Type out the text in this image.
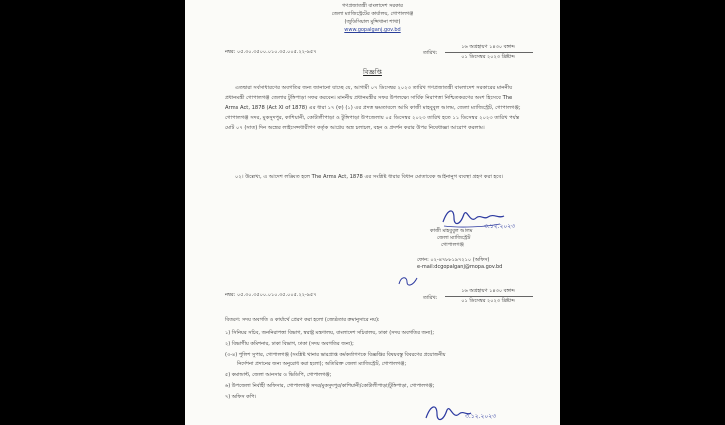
গণপ্রজাতন্ত্রী বাংলাদেশ সরকার
জেলা ম্যাজিস্ট্রেটের কার্যালয়, গোপালগঞ্জ
(জুডিসিয়াল মুন্সিখানা শাখা)
www.gopalganj.gov.bd
নম্বর: ০৫.৩০.৩৫০০.০১০.৩৫.০০৫.২২-৯৫৭	তারিখ:
১৬ অগ্রহায়ণ ১৪৩০ বঙ্গাব্দ
০১ ডিসেম্বর ২০২৩ খ্রিষ্টাব্দ
বিজ্ঞপ্তি
এতদ্বারা সর্বসাধারণের অবগতির জন্য জানানো যাচ্ছে যে, আগামী ০৭ ডিসেম্বর ২০২৩ তারিখ গণপ্রজাতন্ত্রী বাংলাদেশ সরকারের মাননীয় প্রধানমন্ত্রী গোপালগঞ্জ জেলার টুঙ্গিপাড়া সফর করবেন। মাননীয় প্রধানমন্ত্রীর সফর উপলক্ষ্যে সার্বিক নিরাপত্তা নিশ্চিতকরণের অংশ হিসেবে The Arms Act, 1878 (Act XI of 1878) এর ধারা ১৭ (ক) (১) এর প্রদত্ত ক্ষমতাবলে আমি কাজী মাহবুবুল আলম, জেলা ম্যাজিস্ট্রেট, গোপালগঞ্জ; গোপালগঞ্জ সদর, মুকসুদপুর, কাশিয়ানী, কোটালীপাড়া ও টুঙ্গিপাড়া উপজেলায় ০৫ ডিসেম্বর ২০২৩ তারিখ হতে ১১ ডিসেম্বর ২০২৩ তারিখ পর্যন্ত মোট ০৭ (সাত) দিন অস্ত্রের লাইসেন্সধারীগণ কর্তৃক আগ্নেয় অস্ত্র চলাচল, বহন ও প্রদর্শন করার উপর নিষেধাজ্ঞা আরোপ করলাম।
০২। উল্লেখ্য, এ আদেশ লঙ্ঘিত হলে The Arms Act, 1878 এর সংশ্লিষ্ট ধারার বিধান মোতাবেক আইনানুগ ব্যবস্থা গ্রহণ করা হবে।
৩.১২.২০২৩
কাজী মাহবুবুল আলম
জেলা ম্যাজিস্ট্রেট
গোপালগঞ্জ
ফোন: ০২-৪৭৮৮১৯৭২১০ (অফিস)
e-mail:dcgopalganj@mopa.gov.bd
নম্বর: ০৫.৩০.৩৫০০.০১০.৩৫.০০৫.২২-৯৫৭	তারিখ:
১৬ অগ্রহায়ণ ১৪৩০ বঙ্গাব্দ
০১ ডিসেম্বর ২০২৩ খ্রিষ্টাব্দ
বিতরণ: সদয় অবগতি ও কার্যার্থে প্রেরণ করা হলো (জ্যেষ্ঠতার ক্রমানুসারে নয়):
১) সিনিয়র সচিব, জননিরাপত্তা বিভাগ, স্বরাষ্ট্র মন্ত্রণালয়, বাংলাদেশ সচিবালয়, ঢাকা (সদয় অবগতির জন্য);
২) বিভাগীয় কমিশনার, ঢাকা বিভাগ, ঢাকা (সদয় অবগতির জন্য);
(৩-৪) পুলিশ সুপার, গোপালগঞ্জ (সংশ্লিষ্ট থানার ভারপ্রাপ্ত কর্মকর্তাগণকে বিজ্ঞপ্তির বিষয়বস্তু বিবরণের প্রয়োজনীয়
নির্দেশনা প্রদানের জন্য অনুরোধ করা হলো); অতিরিক্ত জেলা ম্যাজিস্ট্রেট, গোপালগঞ্জ;
৫) কমান্ডান্ট, জেলা আনসার ও ভিডিপি, গোপালগঞ্জ;
৬) উপজেলা নির্বাহী অফিসার, গোপালগঞ্জ সদর/মুকসুদপুর/কাশিয়ানী/কোটালীপাড়া/টুঙ্গিপাড়া, গোপালগঞ্জ;
৭) অফিস কপি।
৩.১২.২০২৩
